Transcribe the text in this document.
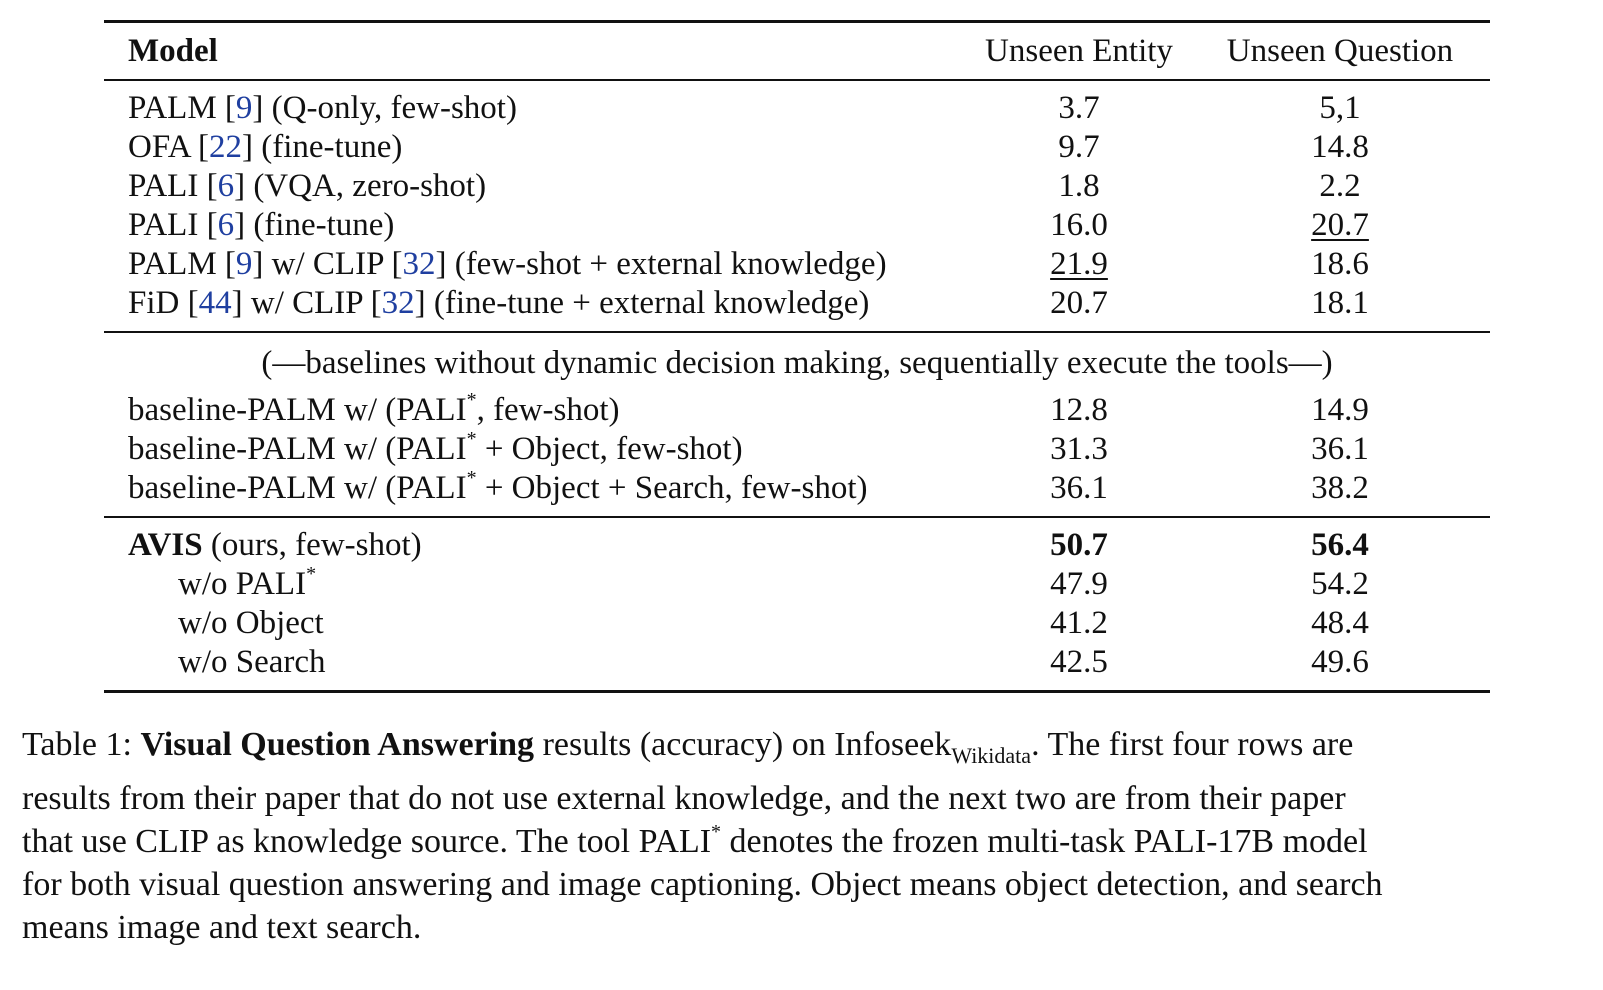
Model	Unseen Entity	Unseen Question
PALM [9] (Q-only, few-shot)	3.7	5,1
OFA [22] (fine-tune)	9.7	14.8
PALI [6] (VQA, zero-shot)	1.8	2.2
PALI [6] (fine-tune)	16.0	20.7
PALM [9] w/ CLIP [32] (few-shot + external knowledge)	21.9	18.6
FiD [44] w/ CLIP [32] (fine-tune + external knowledge)	20.7	18.1
(—baselines without dynamic decision making, sequentially execute the tools—)
baseline-PALM w/ (PALI*, few-shot)	12.8	14.9
baseline-PALM w/ (PALI* + Object, few-shot)	31.3	36.1
baseline-PALM w/ (PALI* + Object + Search, few-shot)	36.1	38.2
AVIS (ours, few-shot)	50.7	56.4
w/o PALI*	47.9	54.2
w/o Object	41.2	48.4
w/o Search	42.5	49.6

Table 1: Visual Question Answering results (accuracy) on Infoseek$_{Wikidata}$. The first four rows are

results from their paper that do not use external knowledge, and the next two are from their paper

that use CLIP as knowledge source. The tool PALI* denotes the frozen multi-task PALI-17B model

for both visual question answering and image captioning. Object means object detection, and search

means image and text search.
